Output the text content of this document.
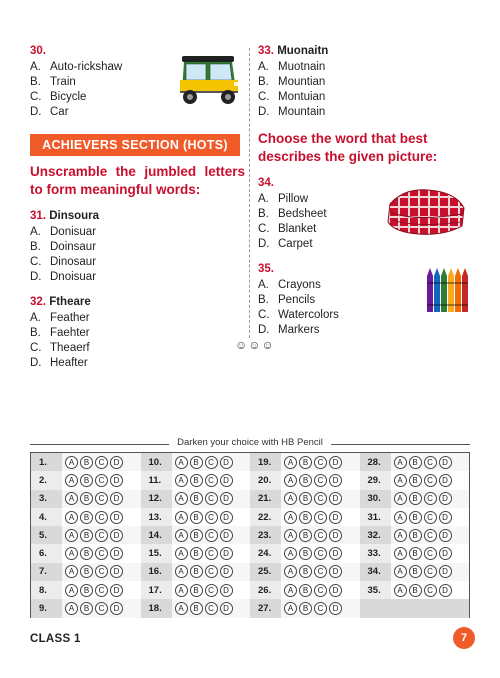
30.
A. Auto-rickshaw
B. Train
C. Bicycle
D. Car
ACHIEVERS SECTION (HOTS)
Unscramble the jumbled letters to form meaningful words:
31. Dinsoura
A. Donisuar
B. Doinsaur
C. Dinosaur
D. Dnoisuar
32. Ftheare
A. Feather
B. Faehter
C. Theaerf
D. Heafter
33. Muonaitn
A. Muotnain
B. Mountian
C. Montuian
D. Mountain
Choose the word that best describes the given picture:
34.
A. Pillow
B. Bedsheet
C. Blanket
D. Carpet
35.
A. Crayons
B. Pencils
C. Watercolors
D. Markers
☺☺☺
Darken your choice with HB Pencil
1.	A	B	C	D
2.	A	B	C	D
3.	A	B	C	D
4.	A	B	C	D
5.	A	B	C	D
6.	A	B	C	D
7.	A	B	C	D
8.	A	B	C	D
9.	A	B	C	D
10.	A	B	C	D
11.	A	B	C	D
12.	A	B	C	D
13.	A	B	C	D
14.	A	B	C	D
15.	A	B	C	D
16.	A	B	C	D
17.	A	B	C	D
18.	A	B	C	D
19.	A	B	C	D
20.	A	B	C	D
21.	A	B	C	D
22.	A	B	C	D
23.	A	B	C	D
24.	A	B	C	D
25.	A	B	C	D
26.	A	B	C	D
27.	A	B	C	D
28.	A	B	C	D
29.	A	B	C	D
30.	A	B	C	D
31.	A	B	C	D
32.	A	B	C	D
33.	A	B	C	D
34.	A	B	C	D
35.	A	B	C	D
CLASS 1	7
